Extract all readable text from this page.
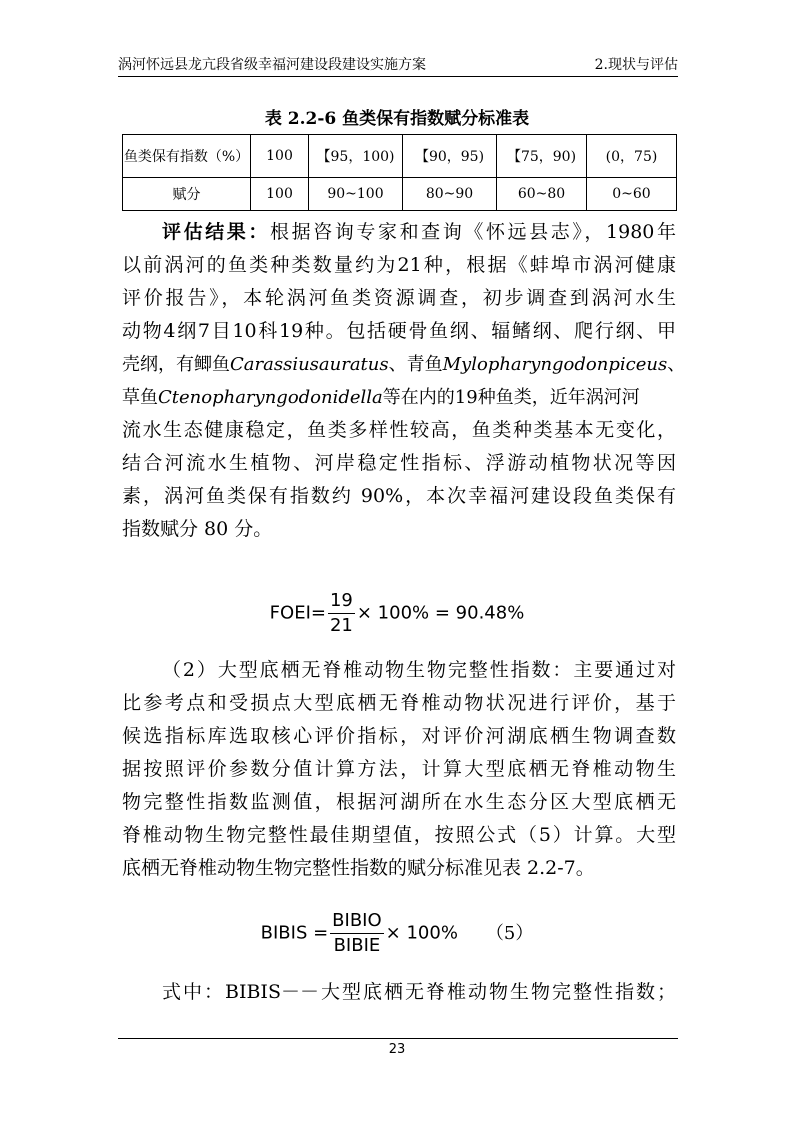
涡河怀远县龙亢段省级幸福河建设段建设实施方案	2.现状与评估
表 2.2-6 鱼类保有指数赋分标准表
鱼类保有指数（%）	100	【95，100)	【90，95)	【75，90)	(0，75)
赋分	100	90~100	80~90	60~80	0~60
评估结果：根据咨询专家和查询《怀远县志》，1980年
以前涡河的鱼类种类数量约为21种，根据《蚌埠市涡河健康
评价报告》，本轮涡河鱼类资源调查，初步调查到涡河水生
动物4纲7目10科19种。包括硬骨鱼纲、辐鳍纲、爬行纲、甲
壳纲，有鲫鱼Carassiusauratus、青鱼Mylopharyngodonpiceus、
草鱼Ctenopharyngodonidella等在内的19种鱼类，近年涡河河
流水生态健康稳定，鱼类多样性较高，鱼类种类基本无变化，
结合河流水生植物、河岸稳定性指标、浮游动植物状况等因
素，涡河鱼类保有指数约 90%，本次幸福河建设段鱼类保有
指数赋分 80 分。
FOEI= $\frac{19}{21} \times 100\% = 90.48\%$
（2）大型底栖无脊椎动物生物完整性指数：主要通过对
比参考点和受损点大型底栖无脊椎动物状况进行评价，基于
候选指标库选取核心评价指标，对评价河湖底栖生物调查数
据按照评价参数分值计算方法，计算大型底栖无脊椎动物生
物完整性指数监测值，根据河湖所在水生态分区大型底栖无
脊椎动物生物完整性最佳期望值，按照公式（5）计算。大型
底栖无脊椎动物生物完整性指数的赋分标准见表 2.2-7。
BIBIS = $\frac{\text{BIBIO}}{\text{BIBIE}} \times 100\%$ （5）
式中：BIBIS－－大型底栖无脊椎动物生物完整性指数；
23
